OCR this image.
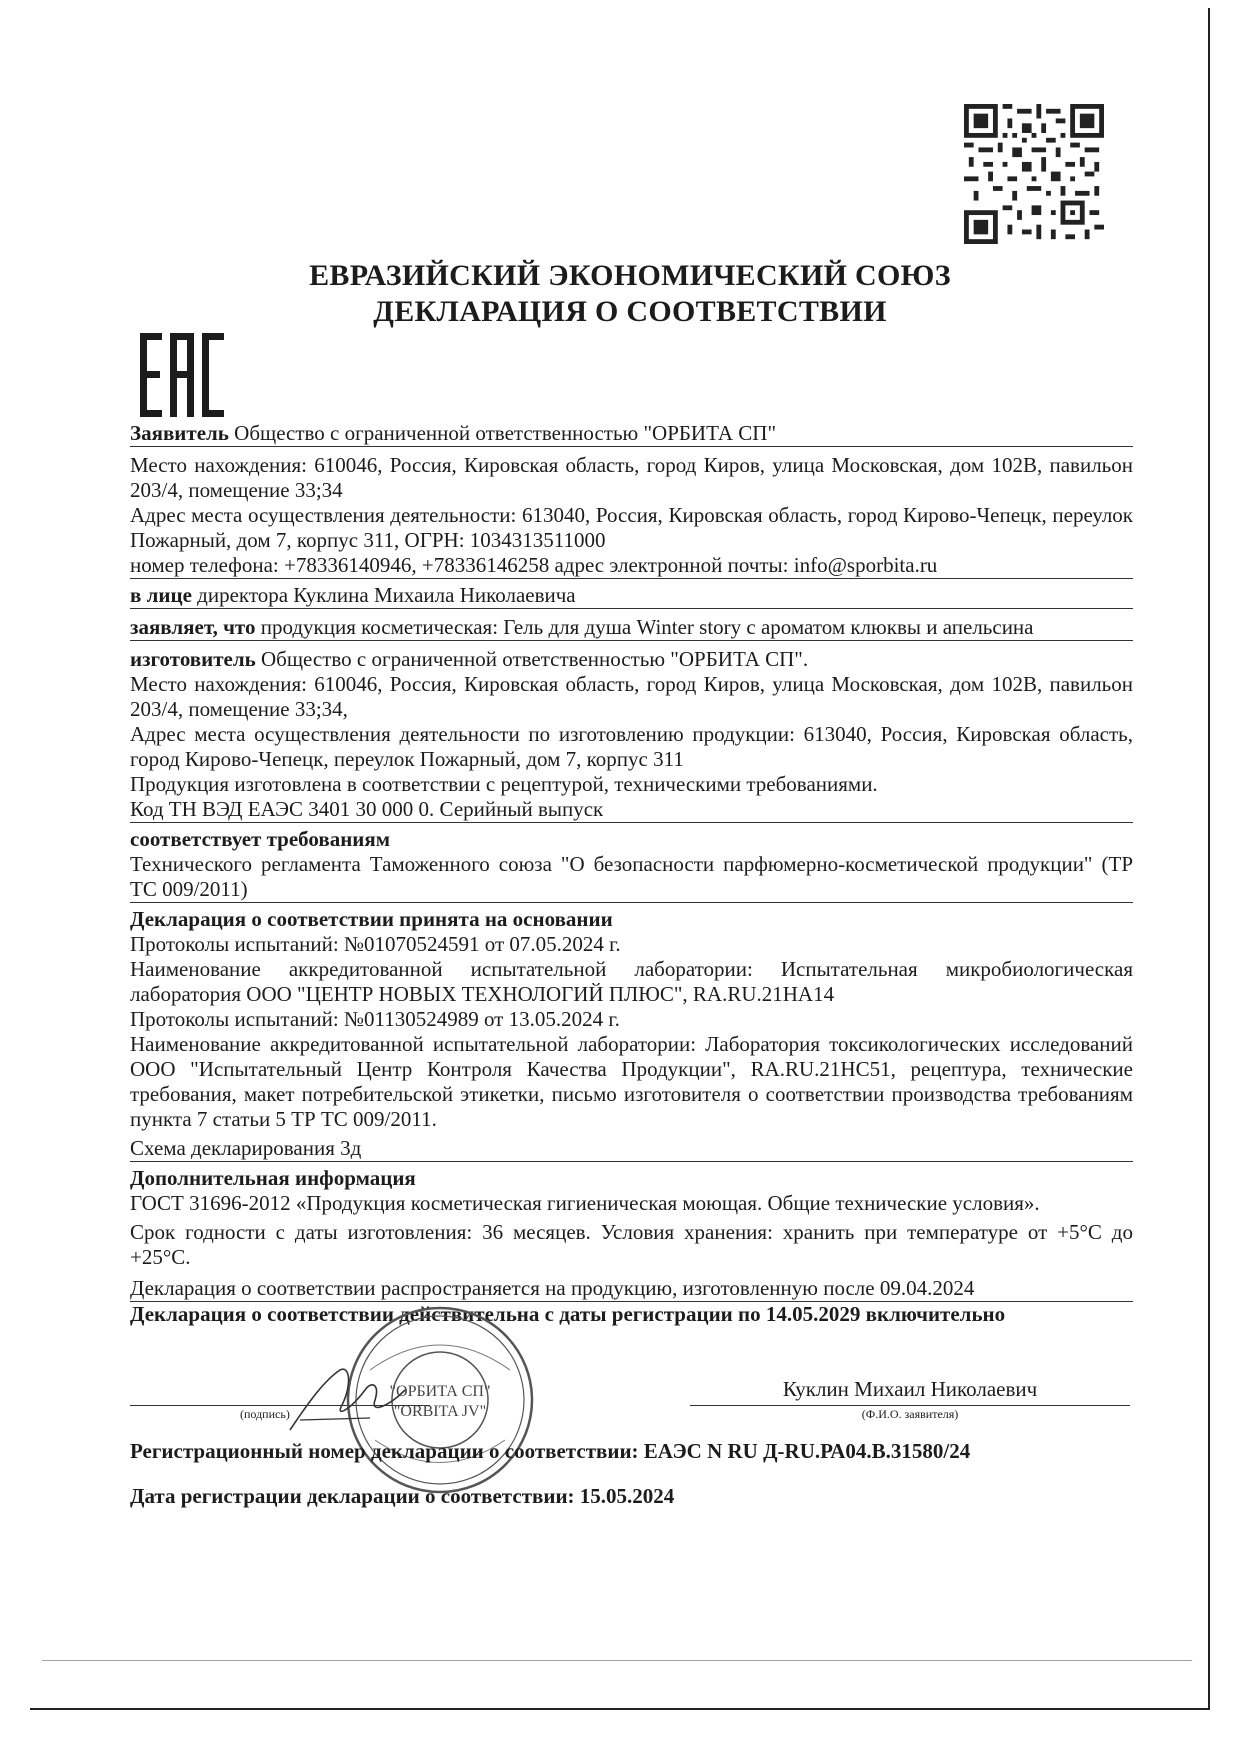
ЕВРАЗИЙСКИЙ ЭКОНОМИЧЕСКИЙ СОЮЗ
ДЕКЛАРАЦИЯ О СООТВЕТСТВИИ
Заявитель Общество с ограниченной ответственностью "ОРБИТА СП"
Место нахождения: 610046, Россия, Кировская область, город Киров, улица Московская, дом 102В, павильон 203/4, помещение 33;34
Адрес места осуществления деятельности: 613040, Россия, Кировская область, город Кирово-Чепецк, переулок Пожарный, дом 7, корпус 311, ОГРН: 1034313511000
номер телефона: +78336140946, +78336146258 адрес электронной почты: info@sporbita.ru
в лице директора Куклина Михаила Николаевича
заявляет, что продукция косметическая: Гель для душа Winter story с ароматом клюквы и апельсина
изготовитель Общество с ограниченной ответственностью "ОРБИТА СП".
Место нахождения: 610046, Россия, Кировская область, город Киров, улица Московская, дом 102В, павильон 203/4, помещение 33;34,
Адрес места осуществления деятельности по изготовлению продукции: 613040, Россия, Кировская область, город Кирово-Чепецк, переулок Пожарный, дом 7, корпус 311
Продукция изготовлена в соответствии с рецептурой, техническими требованиями.
Код ТН ВЭД ЕАЭС 3401 30 000 0. Серийный выпуск
соответствует требованиям
Технического регламента Таможенного союза "О безопасности парфюмерно-косметической продукции" (ТР ТС 009/2011)
Декларация о соответствии принята на основании
Протоколы испытаний: №01070524591 от 07.05.2024 г.
Наименование аккредитованной испытательной лаборатории: Испытательная микробиологическая лаборатория ООО "ЦЕНТР НОВЫХ ТЕХНОЛОГИЙ ПЛЮС", RA.RU.21НА14
Протоколы испытаний: №01130524989 от 13.05.2024 г.
Наименование аккредитованной испытательной лаборатории: Лаборатория токсикологических исследований ООО "Испытательный Центр Контроля Качества Продукции", RA.RU.21НС51, рецептура, технические требования, макет потребительской этикетки, письмо изготовителя о соответствии производства требованиям пункта 7 статьи 5 ТР ТС 009/2011.
Схема декларирования 3д
Дополнительная информация
ГОСТ 31696-2012 «Продукция косметическая гигиеническая моющая. Общие технические условия».
Срок годности с даты изготовления: 36 месяцев. Условия хранения: хранить при температуре от +5°С до +25°С.
Декларация о соответствии распространяется на продукцию, изготовленную после 09.04.2024
Декларация о соответствии действительна с даты регистрации по 14.05.2029 включительно
(подпись)
Куклин Михаил Николаевич
(Ф.И.О. заявителя)
"ОРБИТА СП"
"ORBITA JV"
Регистрационный номер декларации о соответствии: ЕАЭС N RU Д-RU.РА04.В.31580/24
Дата регистрации декларации о соответствии: 15.05.2024
